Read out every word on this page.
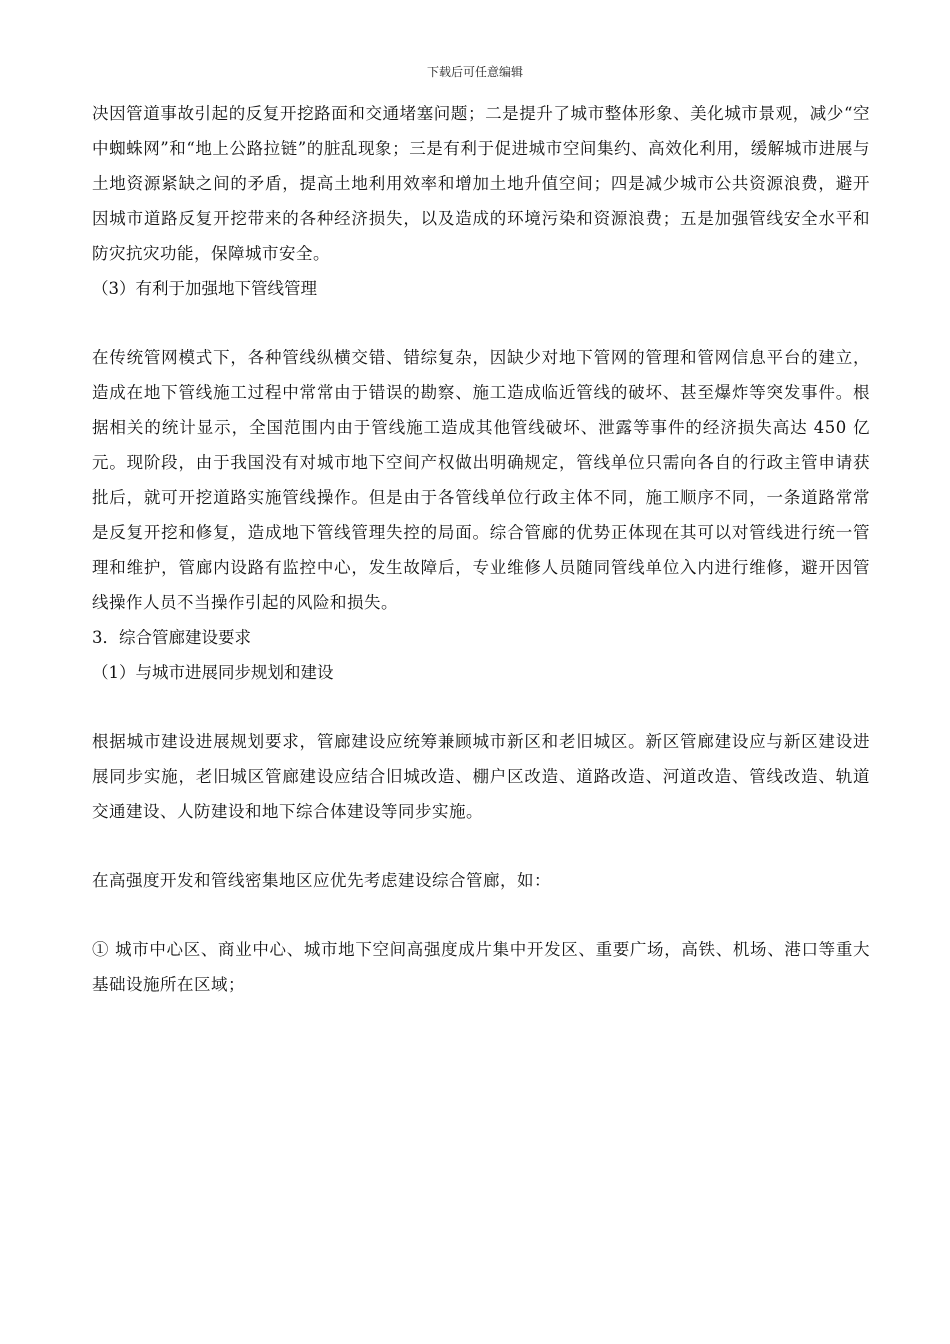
下载后可任意编辑

决因管道事故引起的反复开挖路面和交通堵塞问题；二是提升了城市整体形象、美化城市景观，减少“空中蜘蛛网”和“地上公路拉链”的脏乱现象；三是有利于促进城市空间集约、高效化利用，缓解城市进展与土地资源紧缺之间的矛盾，提高土地利用效率和增加土地升值空间；四是减少城市公共资源浪费，避开因城市道路反复开挖带来的各种经济损失，以及造成的环境污染和资源浪费；五是加强管线安全水平和防灾抗灾功能，保障城市安全。

（3）有利于加强地下管线管理

在传统管网模式下，各种管线纵横交错、错综复杂，因缺少对地下管网的管理和管网信息平台的建立，造成在地下管线施工过程中常常由于错误的勘察、施工造成临近管线的破坏、甚至爆炸等突发事件。根据相关的统计显示，全国范围内由于管线施工造成其他管线破坏、泄露等事件的经济损失高达 450 亿元。现阶段，由于我国没有对城市地下空间产权做出明确规定，管线单位只需向各自的行政主管申请获批后，就可开挖道路实施管线操作。但是由于各管线单位行政主体不同，施工顺序不同，一条道路常常是反复开挖和修复，造成地下管线管理失控的局面。综合管廊的优势正体现在其可以对管线进行统一管理和维护，管廊内设路有监控中心，发生故障后，专业维修人员随同管线单位入内进行维修，避开因管线操作人员不当操作引起的风险和损失。

3．综合管廊建设要求

（1）与城市进展同步规划和建设

根据城市建设进展规划要求，管廊建设应统筹兼顾城市新区和老旧城区。新区管廊建设应与新区建设进展同步实施，老旧城区管廊建设应结合旧城改造、棚户区改造、道路改造、河道改造、管线改造、轨道交通建设、人防建设和地下综合体建设等同步实施。

在高强度开发和管线密集地区应优先考虑建设综合管廊，如：

① 城市中心区、商业中心、城市地下空间高强度成片集中开发区、重要广场，高铁、机场、港口等重大基础设施所在区域；
